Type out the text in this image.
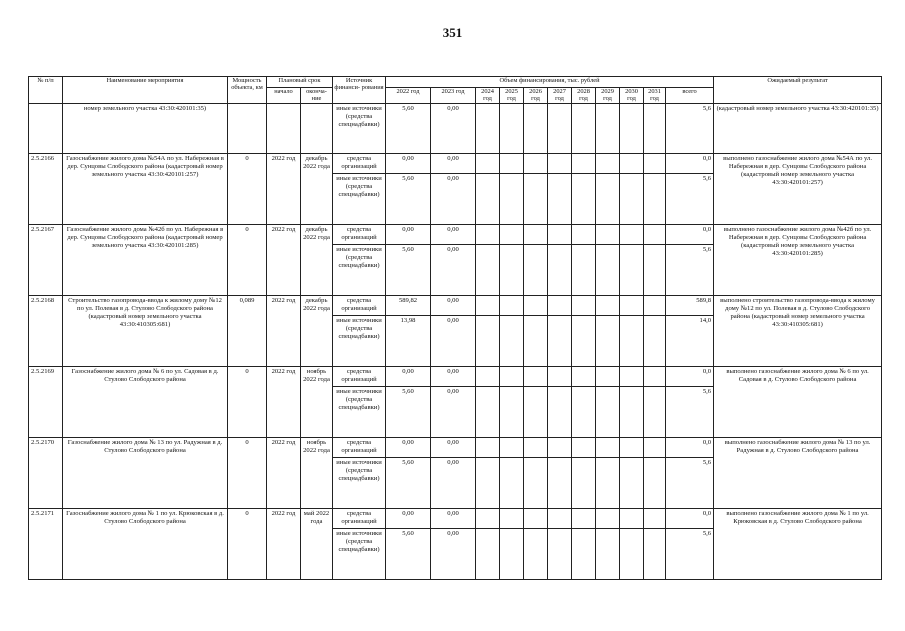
351
№ п/п	Наименование мероприятия	Мощность объекта, км	Плановый срок		Источник финанси- рования	Объем финансирования, тыс. рублей											Ожидаемый результат
			начало	оконча- ние		2022 год	2023 год	2024 год	2025 год	2026 год	2027 год	2028 год	2029 год	2030 год	2031 год	всего	
	номер земельного участка 43:30:420101:35)				иные источники (средства спецнадбавки)	5,60	0,00									5,6	(кадастровый номер земельного участка 43:30:420101:35)
2.5.2166	Газоснабжение жилого дома №54А по ул. Набережная в дер. Сунцовы Слободского района (кадастровый номер земельного участка 43:30:420101:257)	0	2022 год	декабрь 2022 года	средства организаций	0,00	0,00									0,0	выполнено газоснабжение жилого дома №54А по ул. Набережная в дер. Сунцовы Слободского района (кадастровый номер земельного участка 43:30:420101:257)
					иные источники (средства спецнадбавки)	5,60	0,00									5,6	
2.5.2167	Газоснабжение жилого дома №42б по ул. Набережная в дер. Сунцовы Слободского района (кадастровый номер земельного участка 43:30:420101:285)	0	2022 год	декабрь 2022 года	средства организаций	0,00	0,00									0,0	выполнено газоснабжение жилого дома №42б по ул. Набережная в дер. Сунцовы Слободского района (кадастровый номер земельного участка 43:30:420101:285)
					иные источники (средства спецнадбавки)	5,60	0,00									5,6	
2.5.2168	Строительство газопровода-ввода к жилому дому №12 по ул. Полевая в д. Стулово Слободского района (кадастровый номер земельного участка 43:30:410305:681)	0,089	2022 год	декабрь 2022 года	средства организаций	589,82	0,00									589,8	выполнено строительство газопровода-ввода к жилому дому №12 по ул. Полевая в д. Стулово Слободского района (кадастровый номер земельного участка 43:30:410305:681)
					иные источники (средства спецнадбавки)	13,98	0,00									14,0	
2.5.2169	Газоснабжение жилого дома № 6 по ул. Садовая в д. Стулово Слободского района	0	2022 год	ноябрь 2022 года	средства организаций	0,00	0,00									0,0	выполнено газоснабжение жилого дома № 6 по ул. Садовая в д. Стулово Слободского района
					иные источники (средства спецнадбавки)	5,60	0,00									5,6	
2.5.2170	Газоснабжение жилого дома № 13 по ул. Радужная в д. Стулово Слободского района	0	2022 год	ноябрь 2022 года	средства организаций	0,00	0,00									0,0	выполнено газоснабжение жилого дома № 13 по ул. Радужная в д. Стулово Слободского района
					иные источники (средства спецнадбавки)	5,60	0,00									5,6	
2.5.2171	Газоснабжение жилого дома № 1 по ул. Крюковская в д. Стулово Слободского района	0	2022 год	май 2022 года	средства организаций	0,00	0,00									0,0	выполнено газоснабжение жилого дома № 1 по ул. Крюковская в д. Стулово Слободского района
					иные источники (средства спецнадбавки)	5,60	0,00									5,6	
